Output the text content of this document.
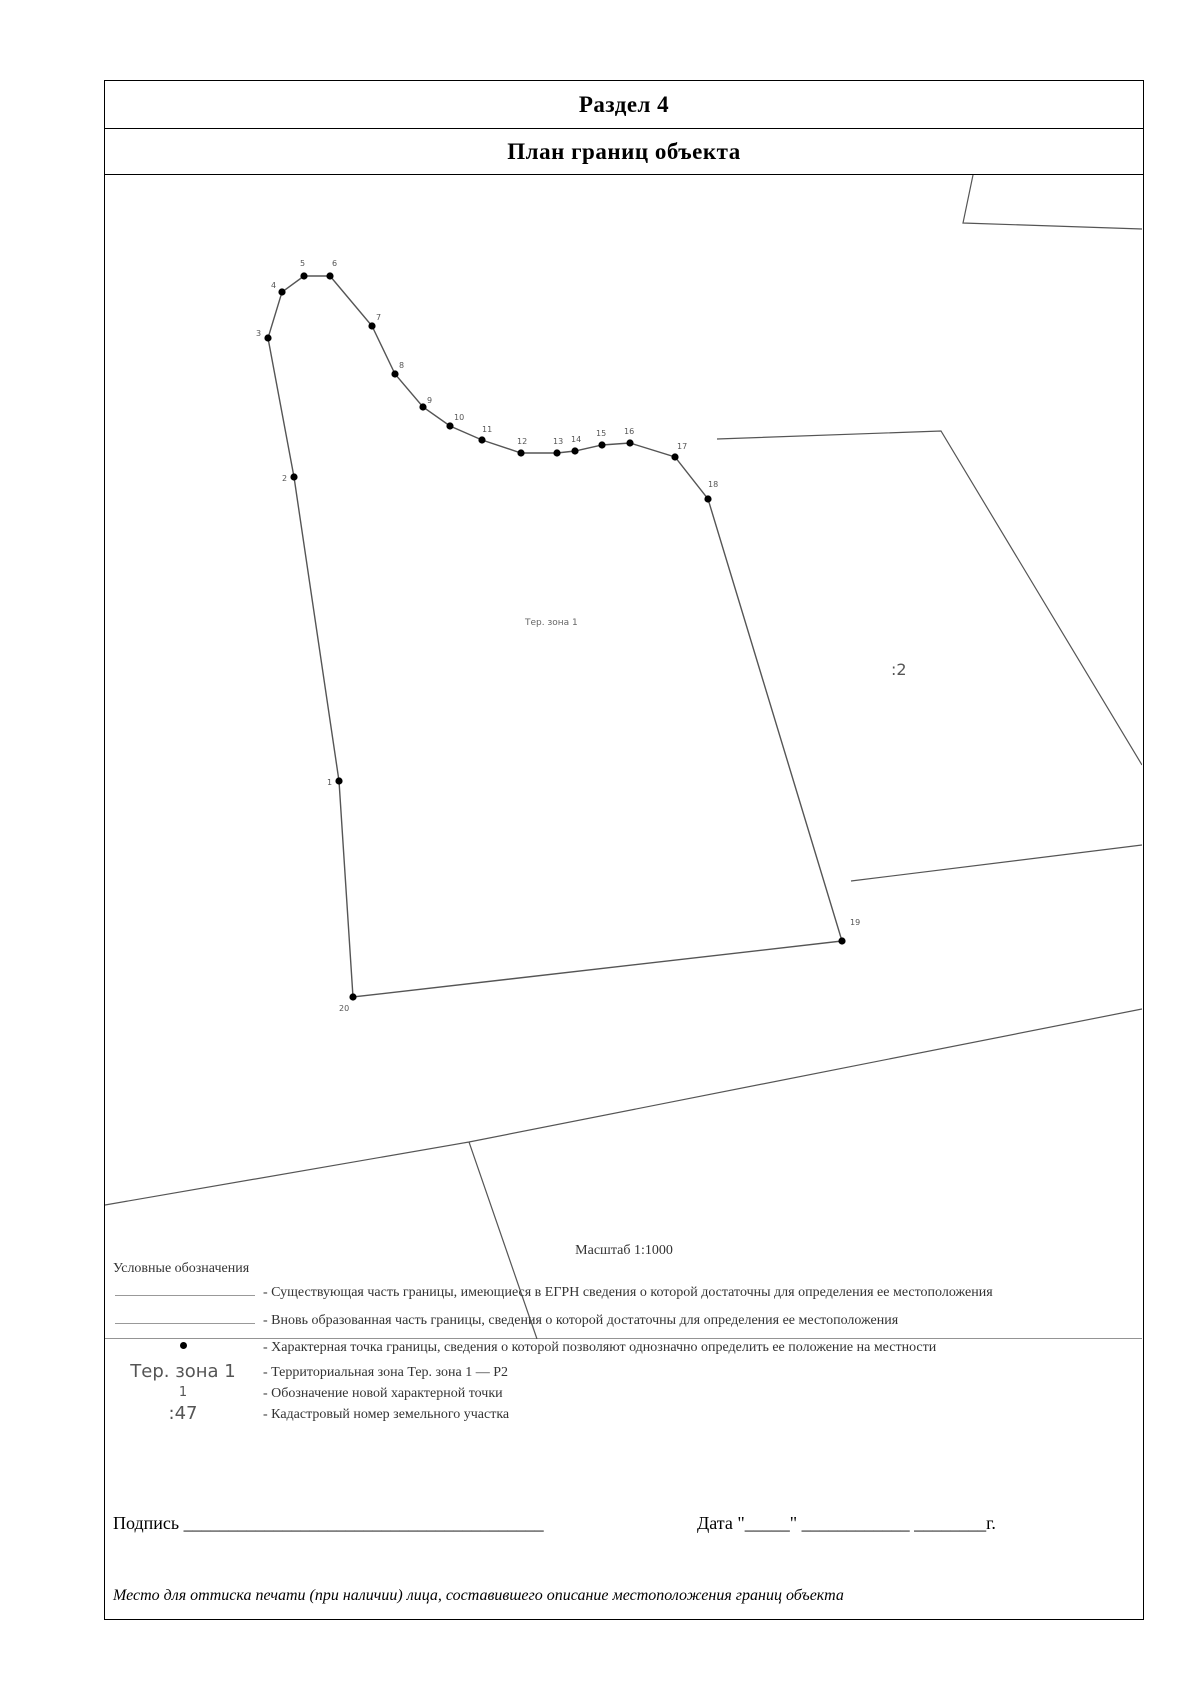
Раздел 4
План границ объекта
1
2
3
4
5	6
7
8
9
10
11
12	13 14
15 16
17
18
19
20
Тер. зона 1
:2
Масштаб 1:1000
Условные обозначения
- Существующая часть границы, имеющиеся в ЕГРН сведения о которой достаточны для определения ее местоположения
- Вновь образованная часть границы, сведения о которой достаточны для определения ее местоположения
- Характерная точка границы, сведения о которой позволяют однозначно определить ее положение на местности
Тер. зона 1	- Территориальная зона Тер. зона 1 — Р2
1	- Обозначение новой характерной точки
:47	- Кадастровый номер земельного участка
Подпись ________________________________________	Дата "_____" ____________ ________г.
Место для оттиска печати (при наличии) лица, составившего описание местоположения границ объекта
